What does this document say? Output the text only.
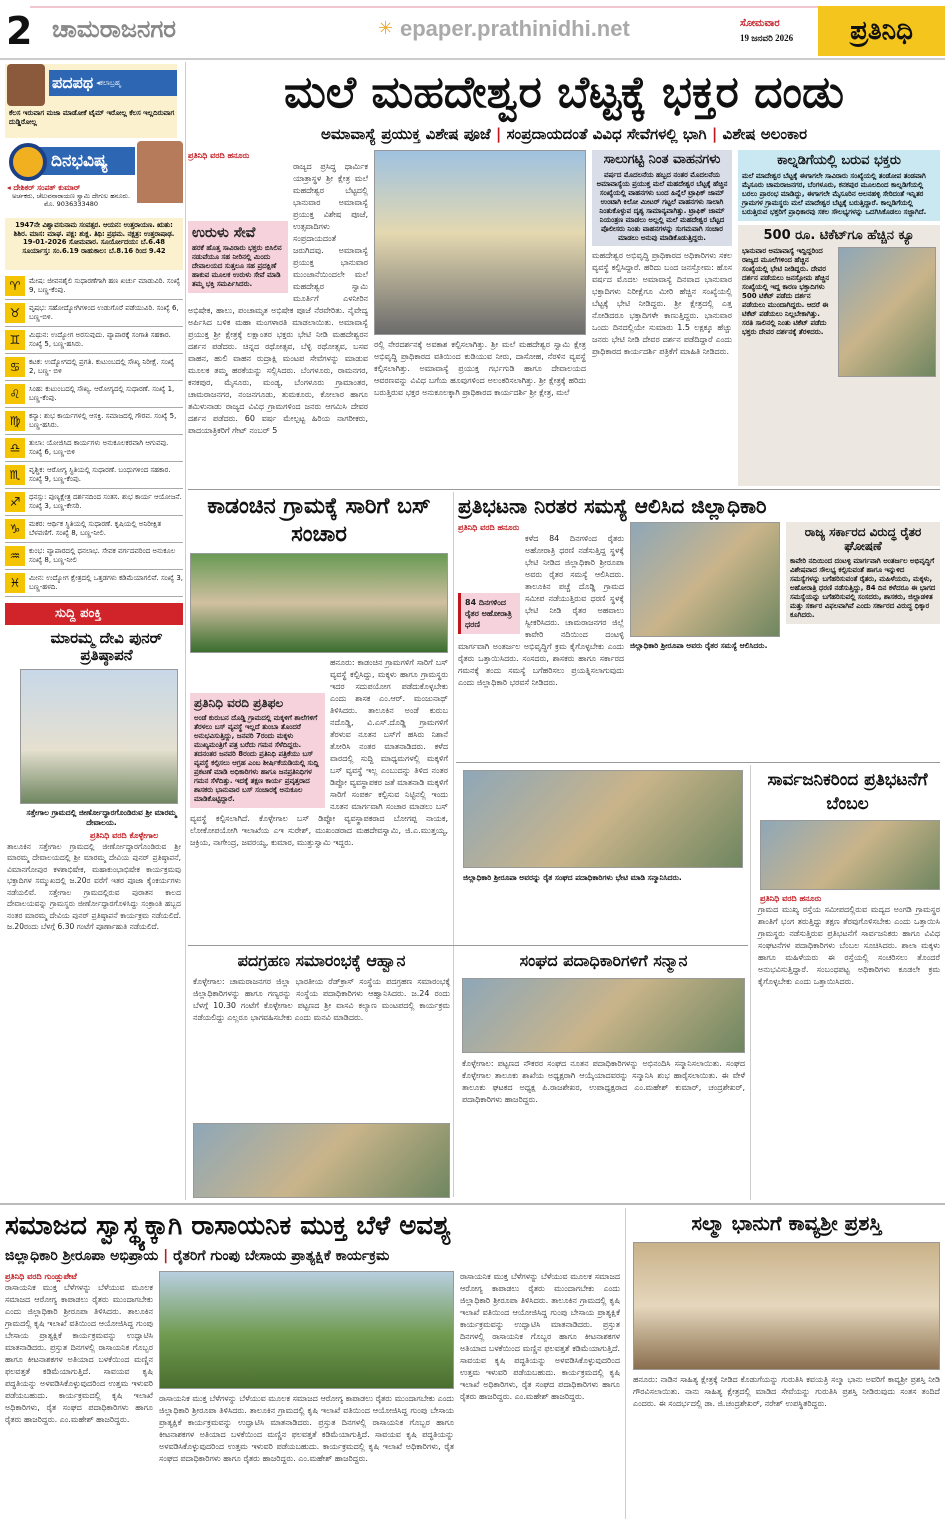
2 ಚಾಮರಾಜನಗರ	✳ epaper.prathinidhi.net	ಸೋಮವಾರ
19 ಜನವರಿ 2026	ಪ್ರತಿನಿಧಿ
ಪದಪಥ ◂ಕಲಾಬ್ರಹ್ಮ
ಕೆಲಸ ಇರುವಾಗ ಮಜಾ ಮಾಡೋಕೆ ಟೈಮ್ ಇರೋಲ್ಲ ಕೆಲಸ ಇಲ್ಲದಿರುವಾಗ ದುಡ್ಡಿರೋಲ್ಲ
ದಿನಭವಿಷ್ಯ
◂ ದೇಶಿಕರ್ ಸಂಪತ್ ಕುಮಾರ್
ಅರ್ಚಕರು, ಚೆಲುವನಾರಾಯಣ ಸ್ವಾಮಿ ದೇಗುಲ ಹನೂರು. ಮೊ. 9036333480
1947ನೇ ವಿಶ್ವಾವಸುನಾಮ ಸಂವತ್ಸರ. ಆಯನ: ಉತ್ತರಾಯಣ. ಋತು: ಶಿಶಿರ. ಮಾಸ: ಮಾಘ. ಪಕ್ಷ: ಶುಕ್ಲ. ತಿಥಿ: ಪ್ರಥಮ. ನಕ್ಷತ್ರ: ಉತ್ತರಾಷಾಢ. 19-01-2026 ಸೋಮವಾರ. ಸೂರ್ಯೋದಯ: ಬೆ.6.48 ಸೂರ್ಯಾಸ್ತ: ಸಂ.6.19 ರಾಹುಕಾಲ: ಬೆ.8.16 ರಿಂದ 9.42
♈	ಮೇಷ: ಜೀವನಶೈಲಿ ಸುಧಾರಣೆಗಾಗಿ ಹಣ ಖರ್ಚು ಮಾಡುವಿರಿ. ಸಂಖ್ಯೆ 9, ಬಣ್ಣ-ಕೆಂಪು.
♉	ವೃಷಭ: ಸಹೋದ್ಯೋಗಿಗಳಿಂದ ಉಡುಗೊರೆ ಪಡೆಯುವಿರಿ. ಸಂಖ್ಯೆ 6, ಬಣ್ಣ-ಬಿಳಿ.
♊	ಮಿಥುನ: ಉದ್ಯೋಗ ಅರಸುವುದು. ವ್ಯಾಪಾರಕ್ಕೆ ಸಂಗಾತಿ ಸಹಕಾರ. ಸಂಖ್ಯೆ 5, ಬಣ್ಣ-ಹಸಿರು.
♋	ಕಟಕ: ಉದ್ಯೋಗದಲ್ಲಿ ಪ್ರಗತಿ. ಕುಟುಂಬದಲ್ಲಿ ಸೌಖ್ಯ ನಿರೀಕ್ಷೆ. ಸಂಖ್ಯೆ 2, ಬಣ್ಣ- ಬಿಳಿ
♌	ಸಿಂಹ: ಕುಟುಂಬದಲ್ಲಿ ಸೌಖ್ಯ. ಆರೋಗ್ಯದಲ್ಲಿ ಸುಧಾರಣೆ. ಸಂಖ್ಯೆ 1, ಬಣ್ಣ-ಕೆಂಪು.
♍	ಕನ್ಯಾ: ಶುಭ ಕಾರ್ಯಗಳಲ್ಲಿ ಆಸಕ್ತಿ. ಸಮಾಜದಲ್ಲಿ ಗೌರವ. ಸಂಖ್ಯೆ 5, ಬಣ್ಣ-ಹಸಿರು.
♎	ತುಲಾ: ಯೋಜಿಸಿದ ಕಾರ್ಯಗಳು ಅನುಕೂಲಕರವಾಗಿ ಆಗುವವು. ಸಂಖ್ಯೆ 6, ಬಣ್ಣ-ಬಿಳಿ
♏	ವೃಶ್ಚಿಕ: ಆರೋಗ್ಯ ಸ್ಥಿತಿಯಲ್ಲಿ ಸುಧಾರಣೆ. ಬಂಧುಗಳಿಂದ ಸಹಕಾರ. ಸಂಖ್ಯೆ 9, ಬಣ್ಣ-ಕೆಂಪು.
♐	ಧನಸ್ಸು: ಪುಣ್ಯಕ್ಷೇತ್ರ ದರ್ಶನದಿಂದ ಸಂತಸ. ಶುಭ ಕಾರ್ಯ ಆಯೋಜನೆ. ಸಂಖ್ಯೆ 3, ಬಣ್ಣ-ಕೇಸರಿ.
♑	ಮಕರ: ಆರ್ಥಿಕ ಸ್ಥಿತಿಯಲ್ಲಿ ಸುಧಾರಣೆ. ಕೃಷಿಯಲ್ಲಿ ಅನಿರೀಕ್ಷಿತ ಬೆಳವಣಿಗೆ. ಸಂಖ್ಯೆ 8, ಬಣ್ಣ-ನೀಲಿ.
♒	ಕುಂಭ: ವ್ಯಾಪಾರದಲ್ಲಿ ಧನಲಾಭ. ಸೇವಕ ವರ್ಗದವರಿಂದ ಅನುಕೂಲ ಸಂಖ್ಯೆ 8, ಬಣ್ಣ-ನೀಲಿ
♓	ಮೀನ: ಉದ್ಯೋಗ ಕ್ಷೇತ್ರದಲ್ಲಿ ಒತ್ತಡಗಳು ಕಡಿಮೆಯಾಗಲಿವೆ. ಸಂಖ್ಯೆ 3, ಬಣ್ಣ-ಹಳದಿ.
ಸುದ್ದಿ ಪಂಕ್ತಿ
ಮಾರಮ್ಮ ದೇವಿ ಪುನರ್ ಪ್ರತಿಷ್ಠಾಪನೆ
ಸತ್ತೇಗಾಲ ಗ್ರಾಮದಲ್ಲಿ ಜೀರ್ಣೋದ್ಧಾರಗೊಂಡಿರುವ ಶ್ರೀ ಮಾರಮ್ಮ ದೇವಾಲಯ.
ಪ್ರತಿನಿಧಿ ವರದಿ ಕೊಳ್ಳೇಗಾಲ
ತಾಲೂಕಿನ ಸತ್ತೇಗಾಲ ಗ್ರಾಮದಲ್ಲಿ ಜೀರ್ಣೋದ್ಧಾರಗೊಂಡಿರುವ ಶ್ರೀ ಮಾರಮ್ಮ ದೇವಾಲಯದಲ್ಲಿ ಶ್ರೀ ಮಾರಮ್ಮ ದೇವಿಯ ಪುನರ್ ಪ್ರತಿಷ್ಠಾಪನೆ, ವಿಮಾನಗೋಪುರ ಕಳಶಾಭಿಷೇಕ, ಮಹಾಕುಂಭಾಭಿಷೇಕ ಕಾರ್ಯಕ್ರಮವು ಭಕ್ತಾದಿಗಳ ಸಮ್ಮುಖದಲ್ಲಿ ಜ.20ರ ವರೆಗೆ ಇತರ ಪೂಜಾ ಕೈಂಕರ್ಯಗಳು ನಡೆಯಲಿವೆ. ಸತ್ತೇಗಾಲ ಗ್ರಾಮದಲ್ಲಿರುವ ಪುರಾತನ ಕಾಲದ ದೇವಾಲಯವನ್ನು ಗ್ರಾಮಸ್ಥರು ಜೀರ್ಣೋದ್ಧಾರಗೊಳಿಸಿದ್ದು ಸಂಕ್ರಾಂತಿ ಹಬ್ಬದ ನಂತರ ಮಾರಮ್ಮ ದೇವಿಯ ಪುನರ್ ಪ್ರತಿಷ್ಠಾಪನೆ ಕಾರ್ಯಕ್ರಮ ನಡೆಯಲಿದೆ. ಜ.20ರಂದು ಬೆಳಗ್ಗೆ 6.30 ಗಂಟೆಗೆ ಪೂರ್ಣಾಹುತಿ ನಡೆಯಲಿದೆ.
ಮಲೆ ಮಹದೇಶ್ವರ ಬೆಟ್ಟಕ್ಕೆ ಭಕ್ತರ ದಂಡು
ಅಮಾವಾಸ್ಯೆ ಪ್ರಯುಕ್ತ ವಿಶೇಷ ಪೂಜೆ | ಸಂಪ್ರದಾಯದಂತೆ ವಿವಿಧ ಸೇವೆಗಳಲ್ಲಿ ಭಾಗಿ | ವಿಶೇಷ ಅಲಂಕಾರ
ಪ್ರತಿನಿಧಿ ವರದಿ ಹನೂರು
ಉರುಳು ಸೇವೆ
ಹರಕೆ ಹೊತ್ತ ಸಾವಿರಾರು ಭಕ್ತರು ಬಿಸಿಲಿನ ನಡುವೆಯೂ ಸಹ ನೀರಿನಲ್ಲಿ ಮಿಂದು ದೇವಾಲಯದ ಸುತ್ತಲೂ ಸಹ ಪ್ರದಕ್ಷಿಣೆ ಹಾಕುವ ಮೂಲಕ ಉರುಳು ಸೇವೆ ಮಾಡಿ ತಮ್ಮ ಭಕ್ತಿ ಸಮರ್ಪಿಸಿದರು.
ರಾಜ್ಯದ ಪ್ರಸಿದ್ಧ ಧಾರ್ಮಿಕ ಯಾತ್ರಾಸ್ಥಳ ಶ್ರೀ ಕ್ಷೇತ್ರ ಮಲೆ ಮಹದೇಶ್ವರ ಬೆಟ್ಟದಲ್ಲಿ ಭಾನುವಾರ ಅಮಾವಾಸ್ಯೆ ಪ್ರಯುಕ್ತ ವಿಶೇಷ ಪೂಜೆ, ಉತ್ಸವಾದಿಗಳು ಸಂಪ್ರದಾಯದಂತೆ ಜರುಗಿದವು. ಅಮಾವಾಸ್ಯೆ ಪ್ರಯುಕ್ತ ಭಾನುವಾರ ಮುಂಜಾನೆಯಿಂದಲೇ ಮಲೆ ಮಹದೇಶ್ವರ ಸ್ವಾಮಿ ಮೂರ್ತಿಗೆ ಎಳನೀರಿನ ಅಭಿಷೇಕ, ಹಾಲು, ಪಂಚಾಮೃತ ಅಭಿಷೇಕ ಪೂಜೆ ನೆರವೇರಿತು. ನೈವೇದ್ಯ ಅರ್ಪಿಸಿದ ಬಳಿಕ ಮಹಾ ಮಂಗಳಾರತಿ ಮಾಡಲಾಯಿತು. ಅಮಾವಾಸ್ಯೆ ಪ್ರಯುಕ್ತ ಶ್ರೀ ಕ್ಷೇತ್ರಕ್ಕೆ ಲಕ್ಷಾಂತರ ಭಕ್ತರು ಭೇಟಿ ನೀಡಿ ಮಹದೇಶ್ವರನ ದರ್ಶನ ಪಡೆದರು. ಚಿನ್ನದ ರಥೋತ್ಸವ, ಬೆಳ್ಳಿ ರಥೋತ್ಸವ, ಬಸವ ವಾಹನ, ಹುಲಿ ವಾಹನ ರುದ್ರಾಕ್ಷಿ ಮಂಟಪ ಸೇವೆಗಳನ್ನು ಮಾಡುವ ಮೂಲಕ ತಮ್ಮ ಹರಕೆಯನ್ನು ಸಲ್ಲಿಸಿದರು. ಬೆಂಗಳೂರು, ರಾಮನಗರ, ಕನಕಪುರ, ಮೈಸೂರು, ಮಂಡ್ಯ, ಬೆಂಗಳೂರು ಗ್ರಾಮಾಂತರ, ಚಾಮರಾಜನಗರ, ನಂಜನಗೂಡು, ತುಮಕೂರು, ಕೋಲಾರ ಹಾಗೂ ತಮಿಳುನಾಡು ರಾಜ್ಯದ ವಿವಿಧ ಗ್ರಾಮಗಳಿಂದ ಜನರು ಆಗಮಿಸಿ ದೇವರ ದರ್ಶನ ಪಡೆದರು. 60 ವರ್ಷ ಮೇಲ್ಪಟ್ಟ ಹಿರಿಯ ನಾಗರೀಕರು, ಪಾದಯಾತ್ರಿಕರಿಗೆ ಗೇಟ್ ನಂಬರ್ 5
ರಲ್ಲಿ ನೇರದರ್ಶನಕ್ಕೆ ಅವಕಾಶ ಕಲ್ಪಿಸಲಾಗಿತ್ತು. ಶ್ರೀ ಮಲೆ ಮಹದೇಶ್ವರ ಸ್ವಾಮಿ ಕ್ಷೇತ್ರ ಅಭಿವೃದ್ಧಿ ಪ್ರಾಧಿಕಾರದ ವತಿಯಿಂದ ಕುಡಿಯುವ ನೀರು, ದಾಸೋಹ, ನೆರಳಿನ ವ್ಯವಸ್ಥೆ ಕಲ್ಪಿಸಲಾಗಿತ್ತು. ಅಮಾವಾಸ್ಯೆ ಪ್ರಯುಕ್ತ ಗರ್ಭಗುಡಿ ಹಾಗೂ ದೇವಾಲಯದ ಆವರಣವನ್ನು ವಿವಿಧ ಬಗೆಯ ಹೂವುಗಳಿಂದ ಅಲಂಕರಿಸಲಾಗಿತ್ತು. ಶ್ರೀ ಕ್ಷೇತ್ರಕ್ಕೆ ಹರಿದು ಬರುತ್ತಿರುವ ಭಕ್ತರ ಅನುಕೂಲಕ್ಕಾಗಿ ಪ್ರಾಧಿಕಾರದ ಕಾರ್ಯದರ್ಶಿ ಶ್ರೀ ಕ್ಷೇತ್ರ, ಮಲೆ
ಸಾಲುಗಟ್ಟಿ ನಿಂತ ವಾಹನಗಳು
ವರ್ಷದ ಮೊದಲನೆಯ ಹಬ್ಬದ ನಂತರ ಮೊದಲನೆಯ ಅಮಾವಾಸ್ಯೆಯ ಪ್ರಯುಕ್ತ ಮಲೆ ಮಹದೇಶ್ವರ ಬೆಟ್ಟಕ್ಕೆ ಹೆಚ್ಚಿನ ಸಂಖ್ಯೆಯಲ್ಲಿ ವಾಹನಗಳು ಬಂದ ಹಿನ್ನೆಲೆ ಟ್ರಾಫಿಕ್ ಜಾಮ್ ಉಂಟಾಗಿ ಕಿಲೋ ಮೀಟರ್ ಗಟ್ಟಲೆ ವಾಹನಗಳು ಸಾಲಾಗಿ ನಿಂತುಕೊಳ್ಳುವ ದೃಶ್ಯ ಸಾಮಾನ್ಯವಾಗಿತ್ತು. ಟ್ರಾಫಿಕ್ ಜಾಮ್ ನಿಯಂತ್ರಣ ಮಾಡಲು ಅಲ್ಲಲ್ಲಿ ಮಲೆ ಮಹದೇಶ್ವರ ಬೆಟ್ಟದ ಪೊಲೀಸರು ನಿಂತು ವಾಹನಗಳನ್ನು ಸುಗಮವಾಗಿ ಸಂಚಾರ ಮಾಡಲು ಅನುವು ಮಾಡಿಕೊಡುತ್ತಿದ್ದರು.
ಮಹದೇಶ್ವರ ಅಭಿವೃದ್ಧಿ ಪ್ರಾಧಿಕಾರದ ಅಧಿಕಾರಿಗಳು ಸಕಲ ವ್ಯವಸ್ಥೆ ಕಲ್ಪಿಸಿದ್ದಾರೆ. ಹರಿದು ಬಂದ ಜನಸ್ತೋಮ: ಹೊಸ ವರ್ಷದ ಮೊದಲ ಅಮಾವಾಸ್ಯೆ ದಿನವಾದ ಭಾನುವಾರ ಭಕ್ತಾದಿಗಳು ನಿರೀಕ್ಷೆಗೂ ಮೀರಿ ಹೆಚ್ಚಿನ ಸಂಖ್ಯೆಯಲ್ಲಿ ಬೆಟ್ಟಕ್ಕೆ ಭೇಟಿ ನೀಡಿದ್ದರು. ಶ್ರೀ ಕ್ಷೇತ್ರದಲ್ಲಿ ಎತ್ತ ನೋಡಿದರೂ ಭಕ್ತಾದಿಗಳೇ ಕಾಣುತ್ತಿದ್ದರು. ಭಾನುವಾರ ಒಂದು ದಿನದಲ್ಲಿಯೇ ಸುಮಾರು 1.5 ಲಕ್ಷಕ್ಕೂ ಹೆಚ್ಚು ಜನರು ಭೇಟಿ ನೀಡಿ ದೇವರ ದರ್ಶನ ಪಡೆದಿದ್ದಾರೆ ಎಂದು ಪ್ರಾಧಿಕಾರದ ಕಾರ್ಯದರ್ಶಿ ಪತ್ರಿಕೆಗೆ ಮಾಹಿತಿ ನೀಡಿದರು.
ಕಾಲ್ನಡಿಗೆಯಲ್ಲಿ ಬರುವ ಭಕ್ತರು
ಮಲೆ ಮಾದೇಶ್ವರ ಬೆಟ್ಟಕ್ಕೆ ಈಗಾಗಲೇ ಸಾವಿರಾರು ಸಂಖ್ಯೆಯಲ್ಲಿ ತಂಡೋಪ ತಂಡವಾಗಿ ಮೈಸೂರು ಚಾಮರಾಜನಗರ, ಬೆಂಗಳೂರು, ಕನಕಪುರ ಮೂಲದಿಂದ ಕಾಲ್ನಡಿಗೆಯಲ್ಲಿ ಬರಲು ಪ್ರಾರಂಭ ಮಾಡಿದ್ದು, ಈಗಾಗಲೇ ಮೈಸೂರಿನ ಆಲನಹಳ್ಳಿ ಸೇರಿದಂತೆ ಇನ್ನಿತರ ಗ್ರಾಮಗಳ ಗ್ರಾಮಸ್ಥರು ಮಲೆ ಮಾದೇಶ್ವರ ಬೆಟ್ಟಕ್ಕೆ ಬರುತ್ತಿದ್ದಾರೆ. ಕಾಲ್ನಡಿಗೆಯಲ್ಲಿ ಬರುತ್ತಿರುವ ಭಕ್ತರಿಗೆ ಪ್ರಾಧಿಕಾರವು ಸಕಲ ಸೌಲಭ್ಯಗಳನ್ನು ಒದಗಿಸಿಕೊಡಲು ಸಜ್ಜಾಗಿದೆ.
500 ರೂ. ಟಿಕೆಟ್‌ಗೂ ಹೆಚ್ಚಿನ ಕ್ಯೂ
ಭಾನುವಾರ ಅಮಾವಾಸ್ಯೆ ಇದ್ದಿದ್ದರಿಂದ ರಾಜ್ಯದ ಮೂಲೆಗಳಿಂದ ಹೆಚ್ಚಿನ ಸಂಖ್ಯೆಯಲ್ಲಿ ಭೇಟಿ ನೀಡಿದ್ದರು. ದೇವರ ದರ್ಶನ ಪಡೆಯಲು ಜನಸ್ತೋಮ ಹೆಚ್ಚಿನ ಸಂಖ್ಯೆಯಲ್ಲಿ ಇದ್ದ ಕಾರಣ ಭಕ್ತಾದಿಗಳು 500 ಟಿಕೆಟ್ ಪಡೆದು ದರ್ಶನ ಪಡೆಯಲು ಮುಂದಾಗಿದ್ದರು. ಆದರೆ ಈ ಟಿಕೆಟ್ ಪಡೆಯಲು ನಿಲ್ಲಬೇಕಾಗಿತ್ತು. ಸರತಿ ಸಾಲಿನಲ್ಲಿ ನಿಂತು ಟಿಕೆಟ್ ಪಡೆದು ಭಕ್ತರು ದೇವರ ದರ್ಶನಕ್ಕೆ ತೆರಳಿದರು.
ಕಾಡಂಚಿನ ಗ್ರಾಮಕ್ಕೆ ಸಾರಿಗೆ ಬಸ್ ಸಂಚಾರ
ಪ್ರತಿನಿಧಿ ವರದಿ ಪ್ರತಿಫಲ
ಅಂಡೆ ಕುರುಬನ ದೊಡ್ಡಿ ಗ್ರಾಮದಲ್ಲಿ ಮಕ್ಕಳಿಗೆ ಶಾಲೆಗಳಿಗೆ ತೆರಳಲು ಬಸ್ ವ್ಯವಸ್ಥೆ ಇಲ್ಲದೆ ತುಂಬಾ ತೊಂದರೆ ಅನುಭವಿಸುತ್ತಿದ್ದು, ಜನವರಿ 7ರಂದು ಮಕ್ಕಳು ಮುಖ್ಯಮಂತ್ರಿಗೆ ಪತ್ರ ಬರೆದು ಗಮನ ಸೆಳೆದಿದ್ದರು. ತದನಂತರ ಜನವರಿ 8ರಂದು ಪ್ರತಿನಿಧಿ ಪತ್ರಿಕೆಯು ಬಸ್ ವ್ಯವಸ್ಥೆ ಕಲ್ಪಿಸಲು ಆಗ್ರಹ ಎಂಬ ಶೀರ್ಷಿಕೆಯಡಿಯಲ್ಲಿ ಸುದ್ದಿ ಪ್ರಕಟಣೆ ಮಾಡಿ ಅಧಿಕಾರಿಗಳು ಹಾಗೂ ಜನಪ್ರತಿನಿಧಿಗಳ ಗಮನ ಸೆಳೆದಿತ್ತು. ಇದಕ್ಕೆ ತಕ್ಷಣ ಕಾರ್ಯ ಪ್ರವೃತ್ತರಾದ ಶಾಸಕರು ಭಾನುವಾರ ಬಸ್ ಸಂಚಾರಕ್ಕೆ ಅನುಕೂಲ ಮಾಡಿಕೊಟ್ಟಿದ್ದಾರೆ.
ಹನೂರು: ಕಾಡಂಚಿನ ಗ್ರಾಮಗಳಿಗೆ ಸಾರಿಗೆ ಬಸ್ ವ್ಯವಸ್ಥೆ ಕಲ್ಪಿಸಿದ್ದು, ಮಕ್ಕಳು ಹಾಗೂ ಗ್ರಾಮಸ್ಥರು ಇದರ ಸದುಪಯೋಗ ಪಡೆದುಕೊಳ್ಳಬೇಕು ಎಂದು ಶಾಸಕ ಎಂ.ಆರ್. ಮಂಜುನಾಥ್ ತಿಳಿಸಿದರು. ತಾಲೂಕಿನ ಅಂಡೆ ಕುರುಬ ನದೊಡ್ಡಿ, ವಿ.ಎಸ್.ದೊಡ್ಡಿ ಗ್ರಾಮಗಳಿಗೆ ತೆರಳುವ ನೂತನ ಬಸ್‌ಗೆ ಹಸಿರು ನಿಶಾನೆ ತೋರಿಸಿ ನಂತರ ಮಾತನಾಡಿದರು. ಕಳೆದ ವಾರದಲ್ಲಿ ಸುದ್ದಿ ಮಾಧ್ಯಮಗಳಲ್ಲಿ ಮಕ್ಕಳಿಗೆ ಬಸ್ ವ್ಯವಸ್ಥೆ ಇಲ್ಲ ಎಂಬುದನ್ನು ತಿಳಿದ ನಂತರ ಡಿಪ್ಪೋ ವ್ಯವಸ್ಥಾಪಕರ ಜತೆ ಮಾತನಾಡಿ ಮಕ್ಕಳಿಗೆ ಸಾರಿಗೆ ಸಂಪರ್ಕ ಕಲ್ಪಿಸುವ ನಿಟ್ಟಿನಲ್ಲಿ ಇಂದು ನೂತನ ಮಾರ್ಗವಾಗಿ ಸಂಚಾರ ಮಾಡಲು ಬಸ್ ವ್ಯವಸ್ಥೆ ಕಲ್ಪಿಸಲಾಗಿದೆ. ಕೊಳ್ಳೇಗಾಲ ಬಸ್ ಡಿಪ್ಪೋ ವ್ಯವಸ್ಥಾಪಕರಾದ ಬೋಗಪ್ಪ ನಾಯಕ, ಲೋಕೋಪಯೋಗಿ ಇಲಾಖೆಯ ಎಇ ಸುರೇಶ್, ಮುಖಂಡರಾದ ಮಹದೇವಸ್ವಾಮಿ, ಜಿ.ಎ.ಮುತ್ತಯ್ಯ, ಜಕ್ರಿಯ, ನಾಗೇಂದ್ರ, ಜವರಯ್ಯ, ಕುಮಾರ, ಮುತ್ತುಸ್ವಾಮಿ ಇದ್ದರು.
ಪ್ರತಿಭಟನಾ ನಿರತರ ಸಮಸ್ಯೆ ಆಲಿಸಿದ ಜಿಲ್ಲಾಧಿಕಾರಿ
ಪ್ರತಿನಿಧಿ ವರದಿ ಹನೂರು
84 ದಿನಗಳಿಂದ ರೈತರ ಅಹೋರಾತ್ರಿ ಧರಣಿ
ಕಳೆದ 84 ದಿನಗಳಿಂದ ರೈತರು ಅಹೋರಾತ್ರಿ ಧರಣಿ ನಡೆಸುತ್ತಿದ್ದ ಸ್ಥಳಕ್ಕೆ ಭೇಟಿ ನೀಡಿದ ಜಿಲ್ಲಾಧಿಕಾರಿ ಶ್ರೀರೂಪಾ ಅವರು ರೈತರ ಸಮಸ್ಯೆ ಆಲಿಸಿದರು. ತಾಲೂಕಿನ ಪಚ್ಚೆ ದೊಡ್ಡಿ ಗ್ರಾಮದ ಸಮೀಪ ನಡೆಯುತ್ತಿರುವ ಧರಣಿ ಸ್ಥಳಕ್ಕೆ ಭೇಟಿ ನೀಡಿ ರೈತರ ಅಹವಾಲು ಸ್ವೀಕರಿಸಿದರು. ಚಾಮರಾಜನಗರ ಜಿಲ್ಲೆ ಕಾವೇರಿ ನದಿಯಿಂದ ದಂಟಳ್ಳಿ ಮಾರ್ಗವಾಗಿ ಅಂತರ್ಜಲ ಅಭಿವೃದ್ಧಿಗೆ ಕ್ರಮ ಕೈಗೊಳ್ಳಬೇಕು ಎಂದು ರೈತರು ಒತ್ತಾಯಿಸಿದರು. ಸಂಸದರು, ಶಾಸಕರು ಹಾಗೂ ಸರ್ಕಾರದ ಗಮನಕ್ಕೆ ತಂದು ಸಮಸ್ಯೆ ಬಗೆಹರಿಸಲು ಪ್ರಯತ್ನಿಸಲಾಗುವುದು ಎಂದು ಜಿಲ್ಲಾಧಿಕಾರಿ ಭರವಸೆ ನೀಡಿದರು.
ಜಿಲ್ಲಾಧಿಕಾರಿ ಶ್ರೀರೂಪಾ ಅವರು ರೈತರ ಸಮಸ್ಯೆ ಆಲಿಸಿದರು.
ರಾಜ್ಯ ಸರ್ಕಾರದ ವಿರುದ್ಧ ರೈತರ ಘೋಷಣೆ
ಕಾವೇರಿ ನದಿಯಿಂದ ದಂಟಳ್ಳಿ ಮಾರ್ಗವಾಗಿ ಅಂತರ್ಜಲ ಅಭಿವೃದ್ಧಿಗೆ ವಿಶೇಷವಾದ ಸೌಲಭ್ಯ ಕಲ್ಪಿಸುವಂತೆ ಹಾಗೂ ಇನ್ನುಳಿದ ಸಮಸ್ಯೆಗಳನ್ನು ಬಗೆಹರಿಸುವಂತೆ ರೈತರು, ಮಹಿಳೆಯರು, ಮಕ್ಕಳು, ಅಹೋರಾತ್ರಿ ಧರಣಿ ನಡೆಸುತ್ತಿದ್ದು, 84 ದಿನ ಕಳೆದರೂ ಈ ಭಾಗದ ಸಮಸ್ಯೆಯನ್ನು ಬಗೆಹರಿಸುವಲ್ಲಿ ಸಂಸದರು, ಶಾಸಕರು, ಜಿಲ್ಲಾಡಳಿತ ಮತ್ತು ಸರ್ಕಾರ ವಿಫಲವಾಗಿವೆ ಎಂದು ಸರ್ಕಾರದ ವಿರುದ್ಧ ಧಿಕ್ಕಾರ ಕೂಗಿದರು.
ಜಿಲ್ಲಾಧಿಕಾರಿ ಶ್ರೀರೂಪಾ ಅವರನ್ನು ರೈತ ಸಂಘದ ಪದಾಧಿಕಾರಿಗಳು ಭೇಟಿ ಮಾಡಿ ಸನ್ಮಾನಿಸಿದರು.
ಸಾರ್ವಜನಿಕರಿಂದ ಪ್ರತಿಭಟನೆಗೆ ಬೆಂಬಲ
ಪ್ರತಿನಿಧಿ ವರದಿ ಹನೂರು
ಗ್ರಾಮದ ಮುಖ್ಯ ರಸ್ತೆಯ ಸಮೀಪದಲ್ಲಿರುವ ಮದ್ಯದ ಅಂಗಡಿ ಗ್ರಾಮಸ್ಥರ ಶಾಂತಿಗೆ ಭಂಗ ತರುತ್ತಿದ್ದು ತಕ್ಷಣ ತೆರವುಗೊಳಿಸಬೇಕು ಎಂದು ಒತ್ತಾಯಿಸಿ ಗ್ರಾಮಸ್ಥರು ನಡೆಸುತ್ತಿರುವ ಪ್ರತಿಭಟನೆಗೆ ಸಾರ್ವಜನಿಕರು ಹಾಗೂ ವಿವಿಧ ಸಂಘಟನೆಗಳ ಪದಾಧಿಕಾರಿಗಳು ಬೆಂಬಲ ಸೂಚಿಸಿದರು. ಶಾಲಾ ಮಕ್ಕಳು ಹಾಗೂ ಮಹಿಳೆಯರು ಈ ರಸ್ತೆಯಲ್ಲಿ ಸಂಚರಿಸಲು ತೊಂದರೆ ಅನುಭವಿಸುತ್ತಿದ್ದಾರೆ. ಸಂಬಂಧಪಟ್ಟ ಅಧಿಕಾರಿಗಳು ಕೂಡಲೇ ಕ್ರಮ ಕೈಗೊಳ್ಳಬೇಕು ಎಂದು ಒತ್ತಾಯಿಸಿದರು.
ಪದಗ್ರಹಣ ಸಮಾರಂಭಕ್ಕೆ ಆಹ್ವಾನ
ಕೊಳ್ಳೇಗಾಲ: ಚಾಮರಾಜನಗರ ಜಿಲ್ಲಾ ಭಾರತೀಯ ರೆಡ್‌ಕ್ರಾಸ್ ಸಂಸ್ಥೆಯ ಪದಗ್ರಹಣ ಸಮಾರಂಭಕ್ಕೆ ಜಿಲ್ಲಾಧಿಕಾರಿಗಳನ್ನು ಹಾಗೂ ಗಣ್ಯರನ್ನು ಸಂಸ್ಥೆಯ ಪದಾಧಿಕಾರಿಗಳು ಆಹ್ವಾನಿಸಿದರು. ಜ.24 ರಂದು ಬೆಳಗ್ಗೆ 10.30 ಗಂಟೆಗೆ ಕೊಳ್ಳೇಗಾಲ ಪಟ್ಟಣದ ಶ್ರೀ ವಾಸವಿ ಕಲ್ಯಾಣ ಮಂಟಪದಲ್ಲಿ ಕಾರ್ಯಕ್ರಮ ನಡೆಯಲಿದ್ದು ಎಲ್ಲರೂ ಭಾಗವಹಿಸಬೇಕು ಎಂದು ಮನವಿ ಮಾಡಿದರು.
ಸಂಘದ ಪದಾಧಿಕಾರಿಗಳಿಗೆ ಸನ್ಮಾನ
ಕೊಳ್ಳೇಗಾಲ: ಪಟ್ಟಣದ ನೌಕರರ ಸಂಘದ ನೂತನ ಪದಾಧಿಕಾರಿಗಳನ್ನು ಅಭಿನಂದಿಸಿ ಸನ್ಮಾನಿಸಲಾಯಿತು. ಸಂಘದ ಕೊಳ್ಳೇಗಾಲ ತಾಲೂಕು ಶಾಖೆಯ ಅಧ್ಯಕ್ಷರಾಗಿ ಆಯ್ಕೆಯಾದವರನ್ನು ಸನ್ಮಾನಿಸಿ ಶುಭ ಹಾರೈಸಲಾಯಿತು. ಈ ವೇಳೆ ತಾಲೂಕು ಘಟಕದ ಅಧ್ಯಕ್ಷ ಪಿ.ರಾಜಶೇಖರ, ಉಪಾಧ್ಯಕ್ಷರಾದ ಎಂ.ಮಹೇಶ್ ಕುಮಾರ್, ಚಂದ್ರಶೇಖರ್, ಪದಾಧಿಕಾರಿಗಳು ಹಾಜರಿದ್ದರು.
ಸಮಾಜದ ಸ್ವಾಸ್ಥ್ಯಕ್ಕಾಗಿ ರಾಸಾಯನಿಕ ಮುಕ್ತ ಬೆಳೆ ಅವಶ್ಯ
ಜಿಲ್ಲಾಧಿಕಾರಿ ಶ್ರೀರೂಪಾ ಅಭಿಪ್ರಾಯ | ರೈತರಿಗೆ ಗುಂಪು ಬೇಸಾಯ ಪ್ರಾತ್ಯಕ್ಷಿಕೆ ಕಾರ್ಯಕ್ರಮ
ಪ್ರತಿನಿಧಿ ವರದಿ ಗುಂಡ್ಲುಪೇಟೆ
ರಾಸಾಯನಿಕ ಮುಕ್ತ ಬೆಳೆಗಳನ್ನು ಬೆಳೆಯುವ ಮೂಲಕ ಸಮಾಜದ ಆರೋಗ್ಯ ಕಾಪಾಡಲು ರೈತರು ಮುಂದಾಗಬೇಕು ಎಂದು ಜಿಲ್ಲಾಧಿಕಾರಿ ಶ್ರೀರೂಪಾ ತಿಳಿಸಿದರು. ತಾಲೂಕಿನ ಗ್ರಾಮದಲ್ಲಿ ಕೃಷಿ ಇಲಾಖೆ ವತಿಯಿಂದ ಆಯೋಜಿಸಿದ್ದ ಗುಂಪು ಬೇಸಾಯ ಪ್ರಾತ್ಯಕ್ಷಿಕೆ ಕಾರ್ಯಕ್ರಮವನ್ನು ಉದ್ಘಾಟಿಸಿ ಮಾತನಾಡಿದರು. ಪ್ರಸ್ತುತ ದಿನಗಳಲ್ಲಿ ರಾಸಾಯನಿಕ ಗೊಬ್ಬರ ಹಾಗೂ ಕೀಟನಾಶಕಗಳ ಅತಿಯಾದ ಬಳಕೆಯಿಂದ ಮಣ್ಣಿನ ಫಲವತ್ತತೆ ಕಡಿಮೆಯಾಗುತ್ತಿದೆ. ಸಾವಯವ ಕೃಷಿ ಪದ್ಧತಿಯನ್ನು ಅಳವಡಿಸಿಕೊಳ್ಳುವುದರಿಂದ ಉತ್ತಮ ಇಳುವರಿ ಪಡೆಯಬಹುದು. ಕಾರ್ಯಕ್ರಮದಲ್ಲಿ ಕೃಷಿ ಇಲಾಖೆ ಅಧಿಕಾರಿಗಳು, ರೈತ ಸಂಘದ ಪದಾಧಿಕಾರಿಗಳು ಹಾಗೂ ರೈತರು ಹಾಜರಿದ್ದರು. ಎಂ.ಮಹೇಶ್ ಹಾಜರಿದ್ದರು.
ರಾಸಾಯನಿಕ ಮುಕ್ತ ಬೆಳೆಗಳನ್ನು ಬೆಳೆಯುವ ಮೂಲಕ ಸಮಾಜದ ಆರೋಗ್ಯ ಕಾಪಾಡಲು ರೈತರು ಮುಂದಾಗಬೇಕು ಎಂದು ಜಿಲ್ಲಾಧಿಕಾರಿ ಶ್ರೀರೂಪಾ ತಿಳಿಸಿದರು. ತಾಲೂಕಿನ ಗ್ರಾಮದಲ್ಲಿ ಕೃಷಿ ಇಲಾಖೆ ವತಿಯಿಂದ ಆಯೋಜಿಸಿದ್ದ ಗುಂಪು ಬೇಸಾಯ ಪ್ರಾತ್ಯಕ್ಷಿಕೆ ಕಾರ್ಯಕ್ರಮವನ್ನು ಉದ್ಘಾಟಿಸಿ ಮಾತನಾಡಿದರು. ಪ್ರಸ್ತುತ ದಿನಗಳಲ್ಲಿ ರಾಸಾಯನಿಕ ಗೊಬ್ಬರ ಹಾಗೂ ಕೀಟನಾಶಕಗಳ ಅತಿಯಾದ ಬಳಕೆಯಿಂದ ಮಣ್ಣಿನ ಫಲವತ್ತತೆ ಕಡಿಮೆಯಾಗುತ್ತಿದೆ. ಸಾವಯವ ಕೃಷಿ ಪದ್ಧತಿಯನ್ನು ಅಳವಡಿಸಿಕೊಳ್ಳುವುದರಿಂದ ಉತ್ತಮ ಇಳುವರಿ ಪಡೆಯಬಹುದು. ಕಾರ್ಯಕ್ರಮದಲ್ಲಿ ಕೃಷಿ ಇಲಾಖೆ ಅಧಿಕಾರಿಗಳು, ರೈತ ಸಂಘದ ಪದಾಧಿಕಾರಿಗಳು ಹಾಗೂ ರೈತರು ಹಾಜರಿದ್ದರು. ಎಂ.ಮಹೇಶ್ ಹಾಜರಿದ್ದರು.
ರಾಸಾಯನಿಕ ಮುಕ್ತ ಬೆಳೆಗಳನ್ನು ಬೆಳೆಯುವ ಮೂಲಕ ಸಮಾಜದ ಆರೋಗ್ಯ ಕಾಪಾಡಲು ರೈತರು ಮುಂದಾಗಬೇಕು ಎಂದು ಜಿಲ್ಲಾಧಿಕಾರಿ ಶ್ರೀರೂಪಾ ತಿಳಿಸಿದರು. ತಾಲೂಕಿನ ಗ್ರಾಮದಲ್ಲಿ ಕೃಷಿ ಇಲಾಖೆ ವತಿಯಿಂದ ಆಯೋಜಿಸಿದ್ದ ಗುಂಪು ಬೇಸಾಯ ಪ್ರಾತ್ಯಕ್ಷಿಕೆ ಕಾರ್ಯಕ್ರಮವನ್ನು ಉದ್ಘಾಟಿಸಿ ಮಾತನಾಡಿದರು. ಪ್ರಸ್ತುತ ದಿನಗಳಲ್ಲಿ ರಾಸಾಯನಿಕ ಗೊಬ್ಬರ ಹಾಗೂ ಕೀಟನಾಶಕಗಳ ಅತಿಯಾದ ಬಳಕೆಯಿಂದ ಮಣ್ಣಿನ ಫಲವತ್ತತೆ ಕಡಿಮೆಯಾಗುತ್ತಿದೆ. ಸಾವಯವ ಕೃಷಿ ಪದ್ಧತಿಯನ್ನು ಅಳವಡಿಸಿಕೊಳ್ಳುವುದರಿಂದ ಉತ್ತಮ ಇಳುವರಿ ಪಡೆಯಬಹುದು. ಕಾರ್ಯಕ್ರಮದಲ್ಲಿ ಕೃಷಿ ಇಲಾಖೆ ಅಧಿಕಾರಿಗಳು, ರೈತ ಸಂಘದ ಪದಾಧಿಕಾರಿಗಳು ಹಾಗೂ ರೈತರು ಹಾಜರಿದ್ದರು. ಎಂ.ಮಹೇಶ್ ಹಾಜರಿದ್ದರು.
ಸಲ್ಮಾ ಭಾನುಗೆ ಕಾವ್ಯಶ್ರೀ ಪ್ರಶಸ್ತಿ
ಹನೂರು: ನಾಡಿನ ಸಾಹಿತ್ಯ ಕ್ಷೇತ್ರಕ್ಕೆ ನೀಡಿದ ಕೊಡುಗೆಯನ್ನು ಗುರುತಿಸಿ ಕವಯತ್ರಿ ಸಲ್ಮಾ ಭಾನು ಅವರಿಗೆ ಕಾವ್ಯಶ್ರೀ ಪ್ರಶಸ್ತಿ ನೀಡಿ ಗೌರವಿಸಲಾಯಿತು. ನಾನು ಸಾಹಿತ್ಯ ಕ್ಷೇತ್ರದಲ್ಲಿ ಮಾಡಿದ ಸೇವೆಯನ್ನು ಗುರುತಿಸಿ ಪ್ರಶಸ್ತಿ ನೀಡಿರುವುದು ಸಂತಸ ತಂದಿದೆ ಎಂದರು. ಈ ಸಂದರ್ಭದಲ್ಲಿ ಡಾ. ಜಿ.ಚಂದ್ರಶೇಖರ್, ನರೇಶ್ ಉಪಸ್ಥಿತರಿದ್ದರು.
